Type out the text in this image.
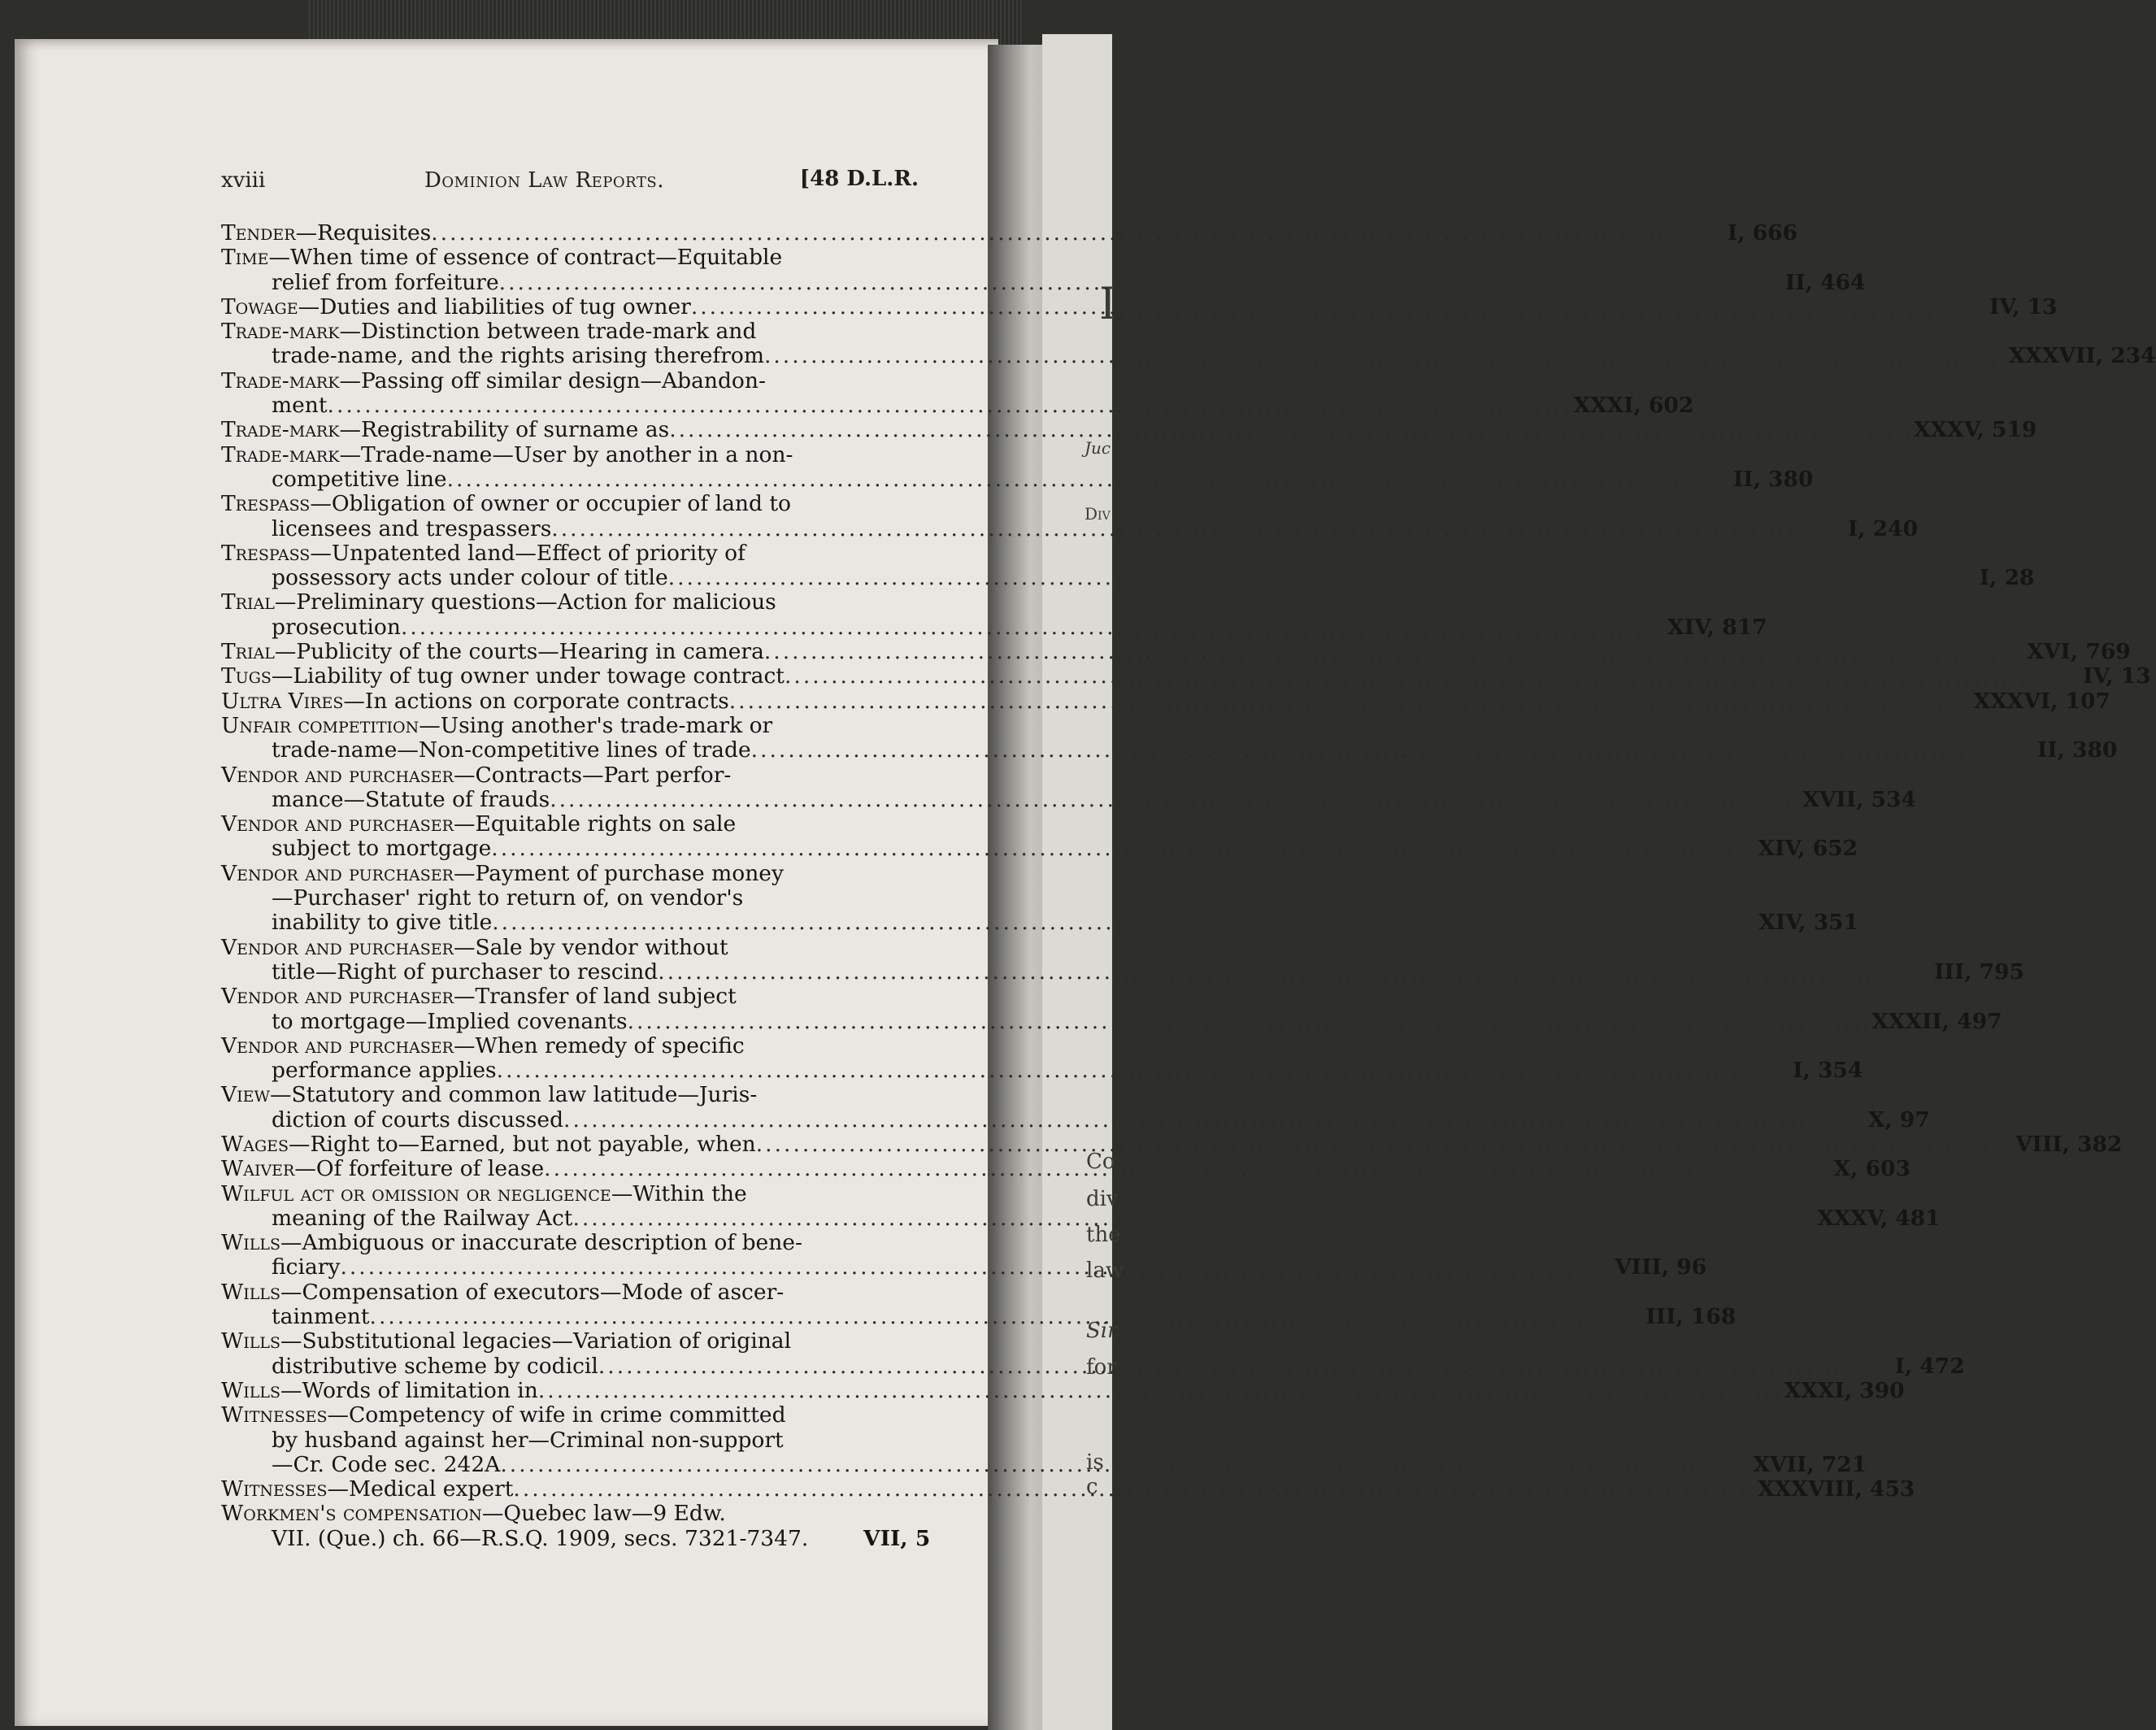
I
Juc
Div
Co
div
the
law
Sir
for
is c
xviii	Dominion Law Reports.	[48 D.L.R.
Tender—Requisites .....	I, 666
Time—When time of essence of contract—Equitable
relief from forfeiture .....	II, 464
Towage—Duties and liabilities of tug owner .....	IV, 13
Trade-mark—Distinction between trade-mark and
trade-name, and the rights arising therefrom .....	XXXVII, 234
Trade-mark—Passing off similar design—Abandon-
ment .....	XXXI, 602
Trade-mark—Registrability of surname as .....	XXXV, 519
Trade-mark—Trade-name—User by another in a non-
competitive line .....	II, 380
Trespass—Obligation of owner or occupier of land to
licensees and trespassers .....	I, 240
Trespass—Unpatented land—Effect of priority of
possessory acts under colour of title .....	I, 28
Trial—Preliminary questions—Action for malicious
prosecution .....	XIV, 817
Trial—Publicity of the courts—Hearing in camera .....	XVI, 769
Tugs—Liability of tug owner under towage contract .....	IV, 13
Ultra Vires—In actions on corporate contracts .....	XXXVI, 107
Unfair competition—Using another's trade-mark or
trade-name—Non-competitive lines of trade .....	II, 380
Vendor and purchaser—Contracts—Part perfor-
mance—Statute of frauds .....	XVII, 534
Vendor and purchaser—Equitable rights on sale
subject to mortgage .....	XIV, 652
Vendor and purchaser—Payment of purchase money
—Purchaser' right to return of, on vendor's
inability to give title .....	XIV, 351
Vendor and purchaser—Sale by vendor without
title—Right of purchaser to rescind .....	III, 795
Vendor and purchaser—Transfer of land subject
to mortgage—Implied covenants .....	XXXII, 497
Vendor and purchaser—When remedy of specific
performance applies .....	I, 354
View—Statutory and common law latitude—Juris-
diction of courts discussed .....	X, 97
Wages—Right to—Earned, but not payable, when .....	VIII, 382
Waiver—Of forfeiture of lease .....	X, 603
Wilful act or omission or negligence—Within the
meaning of the Railway Act .....	XXXV, 481
Wills—Ambiguous or inaccurate description of bene-
ficiary .....	VIII, 96
Wills—Compensation of executors—Mode of ascer-
tainment .....	III, 168
Wills—Substitutional legacies—Variation of original
distributive scheme by codicil .....	I, 472
Wills—Words of limitation in .....	XXXI, 390
Witnesses—Competency of wife in crime committed
by husband against her—Criminal non-support
—Cr. Code sec. 242A .....	XVII, 721
Witnesses—Medical expert .....	XXXVIII, 453
Workmen's compensation—Quebec law—9 Edw.
VII. (Que.) ch. 66—R.S.Q. 1909, secs. 7321-7347.	VII, 5
